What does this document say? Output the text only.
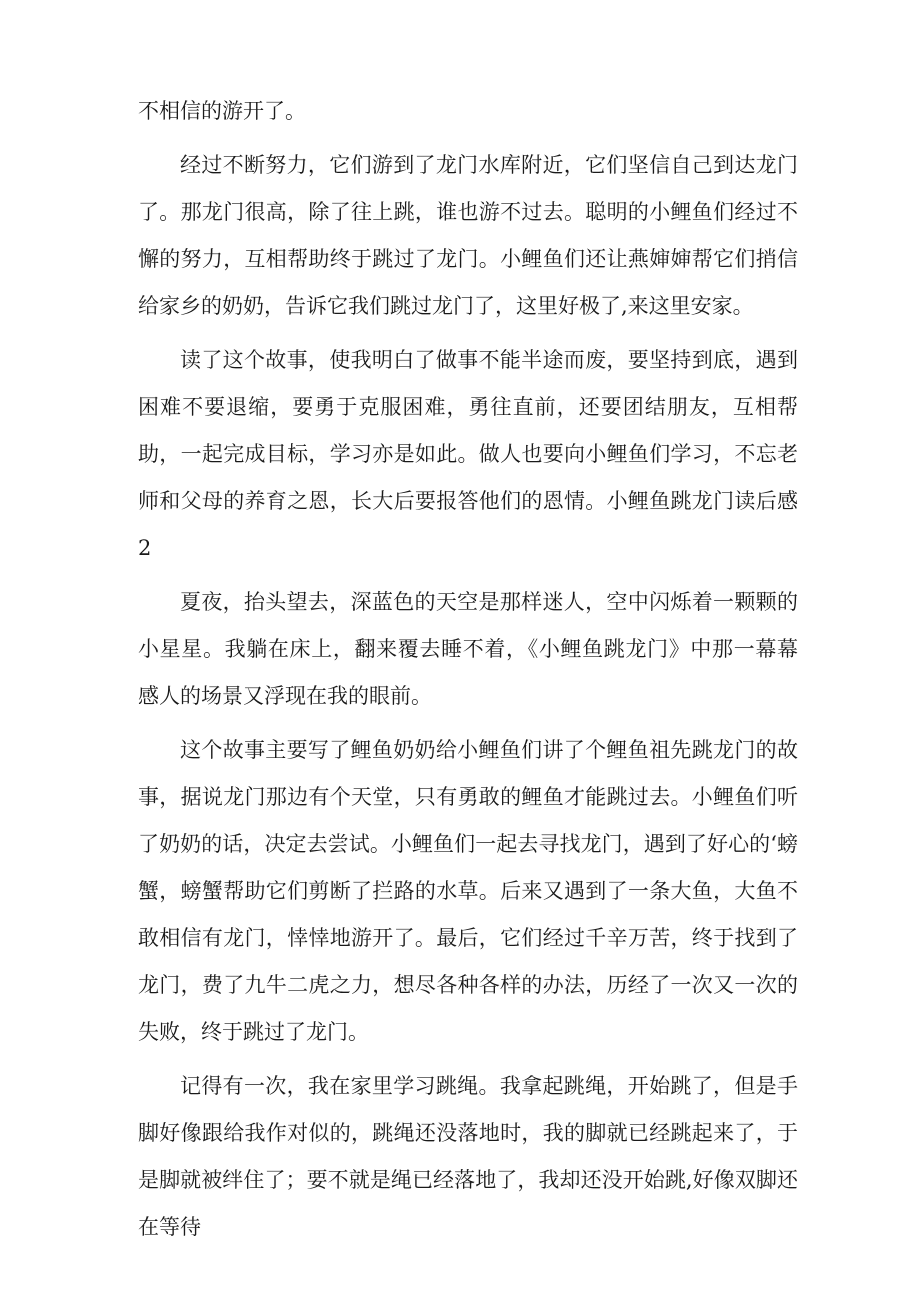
不相信的游开了。

经过不断努力，它们游到了龙门水库附近，它们坚信自己到达龙门了。那龙门很高，除了往上跳，谁也游不过去。聪明的小鲤鱼们经过不懈的努力，互相帮助终于跳过了龙门。小鲤鱼们还让燕婶婶帮它们捎信给家乡的奶奶，告诉它我们跳过龙门了，这里好极了,来这里安家。

读了这个故事，使我明白了做事不能半途而废，要坚持到底，遇到困难不要退缩，要勇于克服困难，勇往直前，还要团结朋友，互相帮助，一起完成目标，学习亦是如此。做人也要向小鲤鱼们学习，不忘老师和父母的养育之恩，长大后要报答他们的恩情。小鲤鱼跳龙门读后感2

夏夜，抬头望去，深蓝色的天空是那样迷人，空中闪烁着一颗颗的小星星。我躺在床上，翻来覆去睡不着，《小鲤鱼跳龙门》中那一幕幕感人的场景又浮现在我的眼前。

这个故事主要写了鲤鱼奶奶给小鲤鱼们讲了个鲤鱼祖先跳龙门的故事，据说龙门那边有个天堂，只有勇敢的鲤鱼才能跳过去。小鲤鱼们听了奶奶的话，决定去尝试。小鲤鱼们一起去寻找龙门，遇到了好心的‘螃蟹，螃蟹帮助它们剪断了拦路的水草。后来又遇到了一条大鱼，大鱼不敢相信有龙门，悻悻地游开了。最后，它们经过千辛万苦，终于找到了龙门，费了九牛二虎之力，想尽各种各样的办法，历经了一次又一次的失败，终于跳过了龙门。

记得有一次，我在家里学习跳绳。我拿起跳绳，开始跳了，但是手脚好像跟给我作对似的，跳绳还没落地时，我的脚就已经跳起来了，于是脚就被绊住了；要不就是绳已经落地了，我却还没开始跳,好像双脚还在等待
